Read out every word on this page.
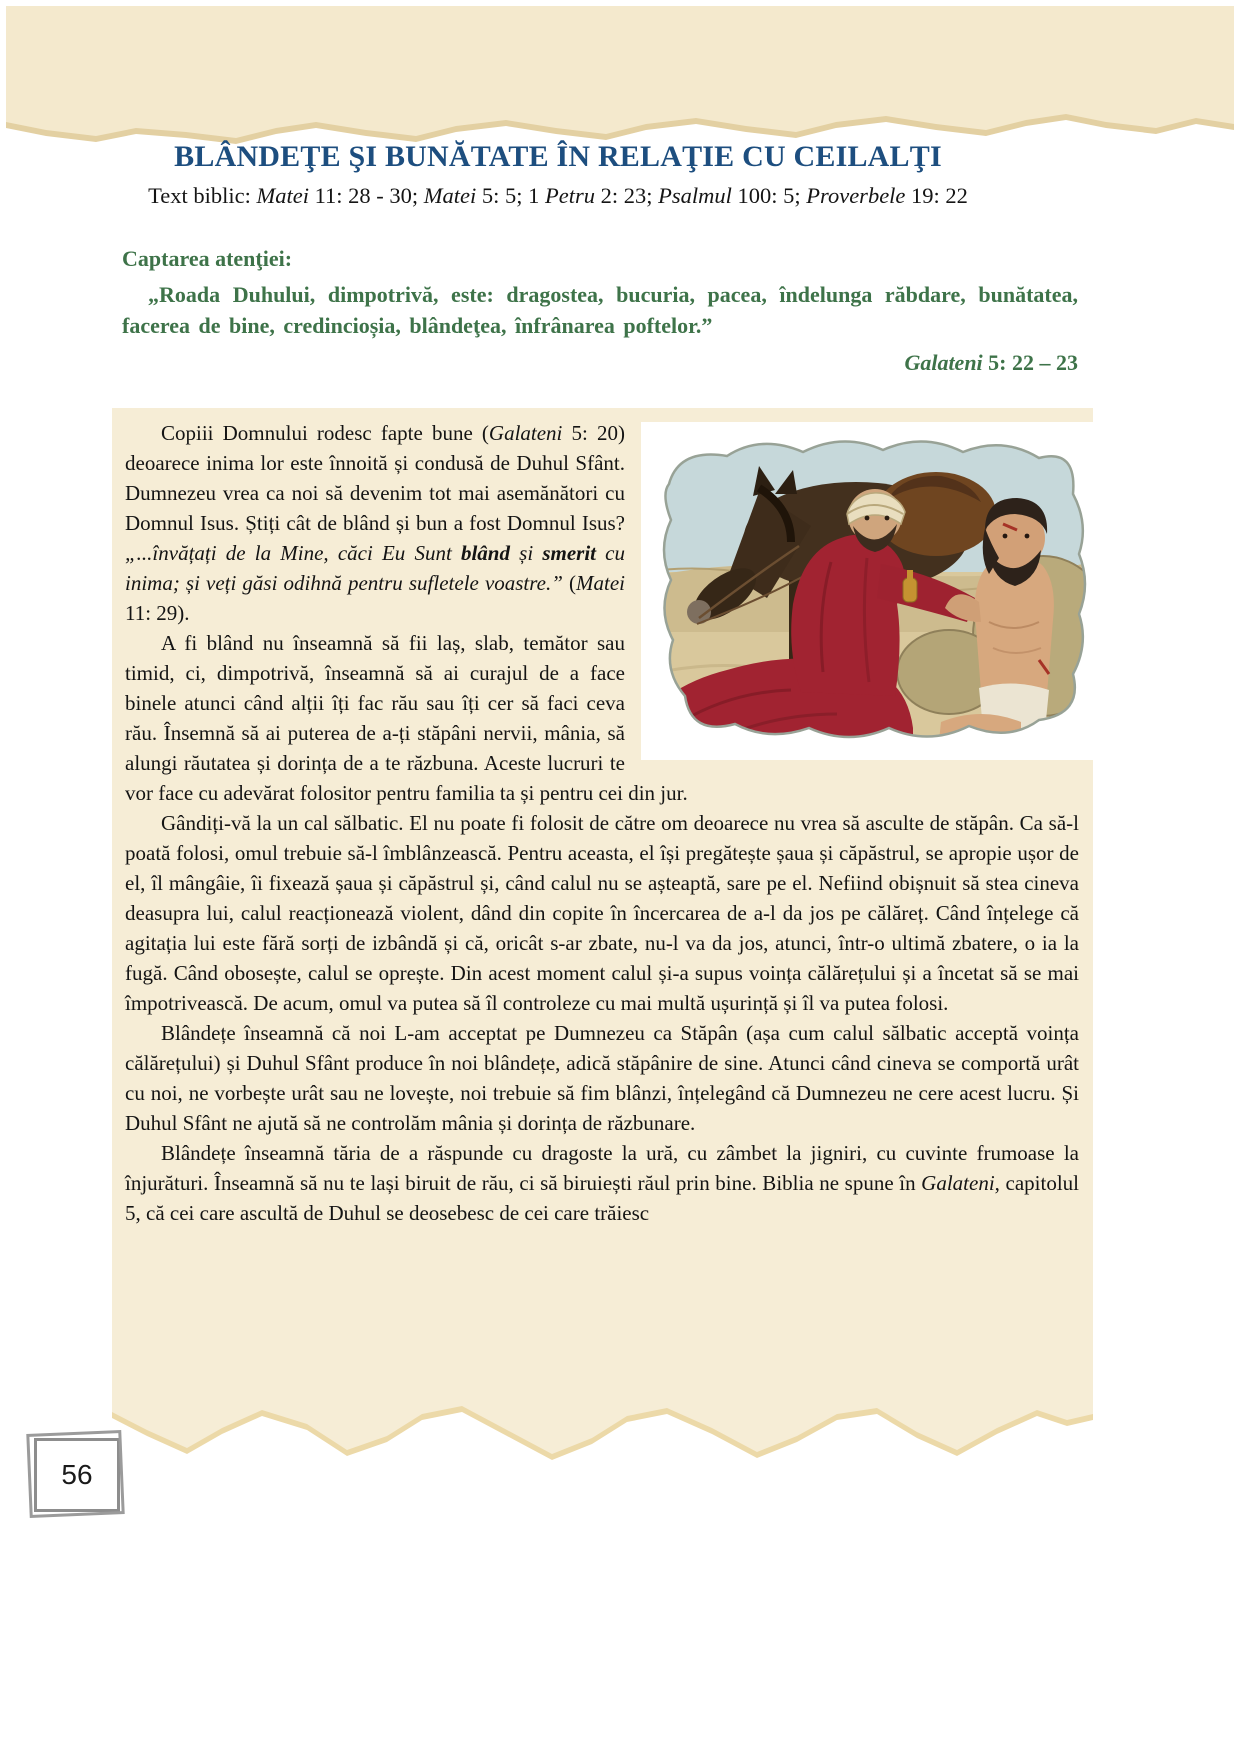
BLÂNDEŢE ŞI BUNĂTATE ÎN RELAŢIE CU CEILALŢI

Text biblic: Matei 11: 28 - 30; Matei 5: 5; 1 Petru 2: 23; Psalmul 100: 5; Proverbele 19: 22

Captarea atenţiei:

„Roada Duhului, dimpotrivă, este: dragostea, bucuria, pacea, îndelunga răbdare, bunătatea, facerea de bine, credincioșia, blândeţea, înfrânarea poftelor.”

Galateni 5: 22 – 23

Copiii Domnului rodesc fapte bune (Galateni 5: 20) deoarece inima lor este înnoită și condusă de Duhul Sfânt. Dumnezeu vrea ca noi să devenim tot mai asemănători cu Domnul Isus. Știți cât de blând și bun a fost Domnul Isus? „...învățați de la Mine, căci Eu Sunt blând și smerit cu inima; și veți găsi odihnă pentru sufletele voastre.” (Matei 11: 29).

A fi blând nu înseamnă să fii laș, slab, temător sau timid, ci, dimpotrivă, înseamnă să ai curajul de a face binele atunci când alții îți fac rău sau îți cer să faci ceva rău. Însemnă să ai puterea de a-ți stăpâni nervii, mânia, să alungi răutatea și dorința de a te răzbuna. Aceste lucruri te vor face cu adevărat folositor pentru familia ta și pentru cei din jur.

Gândiți-vă la un cal sălbatic. El nu poate fi folosit de către om deoarece nu vrea să asculte de stăpân. Ca să-l poată folosi, omul trebuie să-l îmblânzească. Pentru aceasta, el își pregătește șaua și căpăstrul, se apropie ușor de el, îl mângâie, îi fixează șaua și căpăstrul și, când calul nu se așteaptă, sare pe el. Nefiind obișnuit să stea cineva deasupra lui, calul reacționează violent, dând din copite în încercarea de a-l da jos pe călăreț. Când înțelege că agitația lui este fără sorți de izbândă și că, oricât s-ar zbate, nu-l va da jos, atunci, într-o ultimă zbatere, o ia la fugă. Când obosește, calul se oprește. Din acest moment calul și-a supus voința călărețului și a încetat să se mai împotrivească. De acum, omul va putea să îl controleze cu mai multă ușurință și îl va putea folosi.

Blândețe înseamnă că noi L-am acceptat pe Dumnezeu ca Stăpân (așa cum calul sălbatic acceptă voința călărețului) și Duhul Sfânt produce în noi blândețe, adică stăpânire de sine. Atunci când cineva se comportă urât cu noi, ne vorbește urât sau ne lovește, noi trebuie să fim blânzi, înțelegând că Dumnezeu ne cere acest lucru. Și Duhul Sfânt ne ajută să ne controlăm mânia și dorința de răzbunare.

Blândețe înseamnă tăria de a răspunde cu dragoste la ură, cu zâmbet la jigniri, cu cuvinte frumoase la înjurături. Înseamnă să nu te lași biruit de rău, ci să biruiești răul prin bine. Biblia ne spune în Galateni, capitolul 5, că cei care ascultă de Duhul se deosebesc de cei care trăiesc

56
